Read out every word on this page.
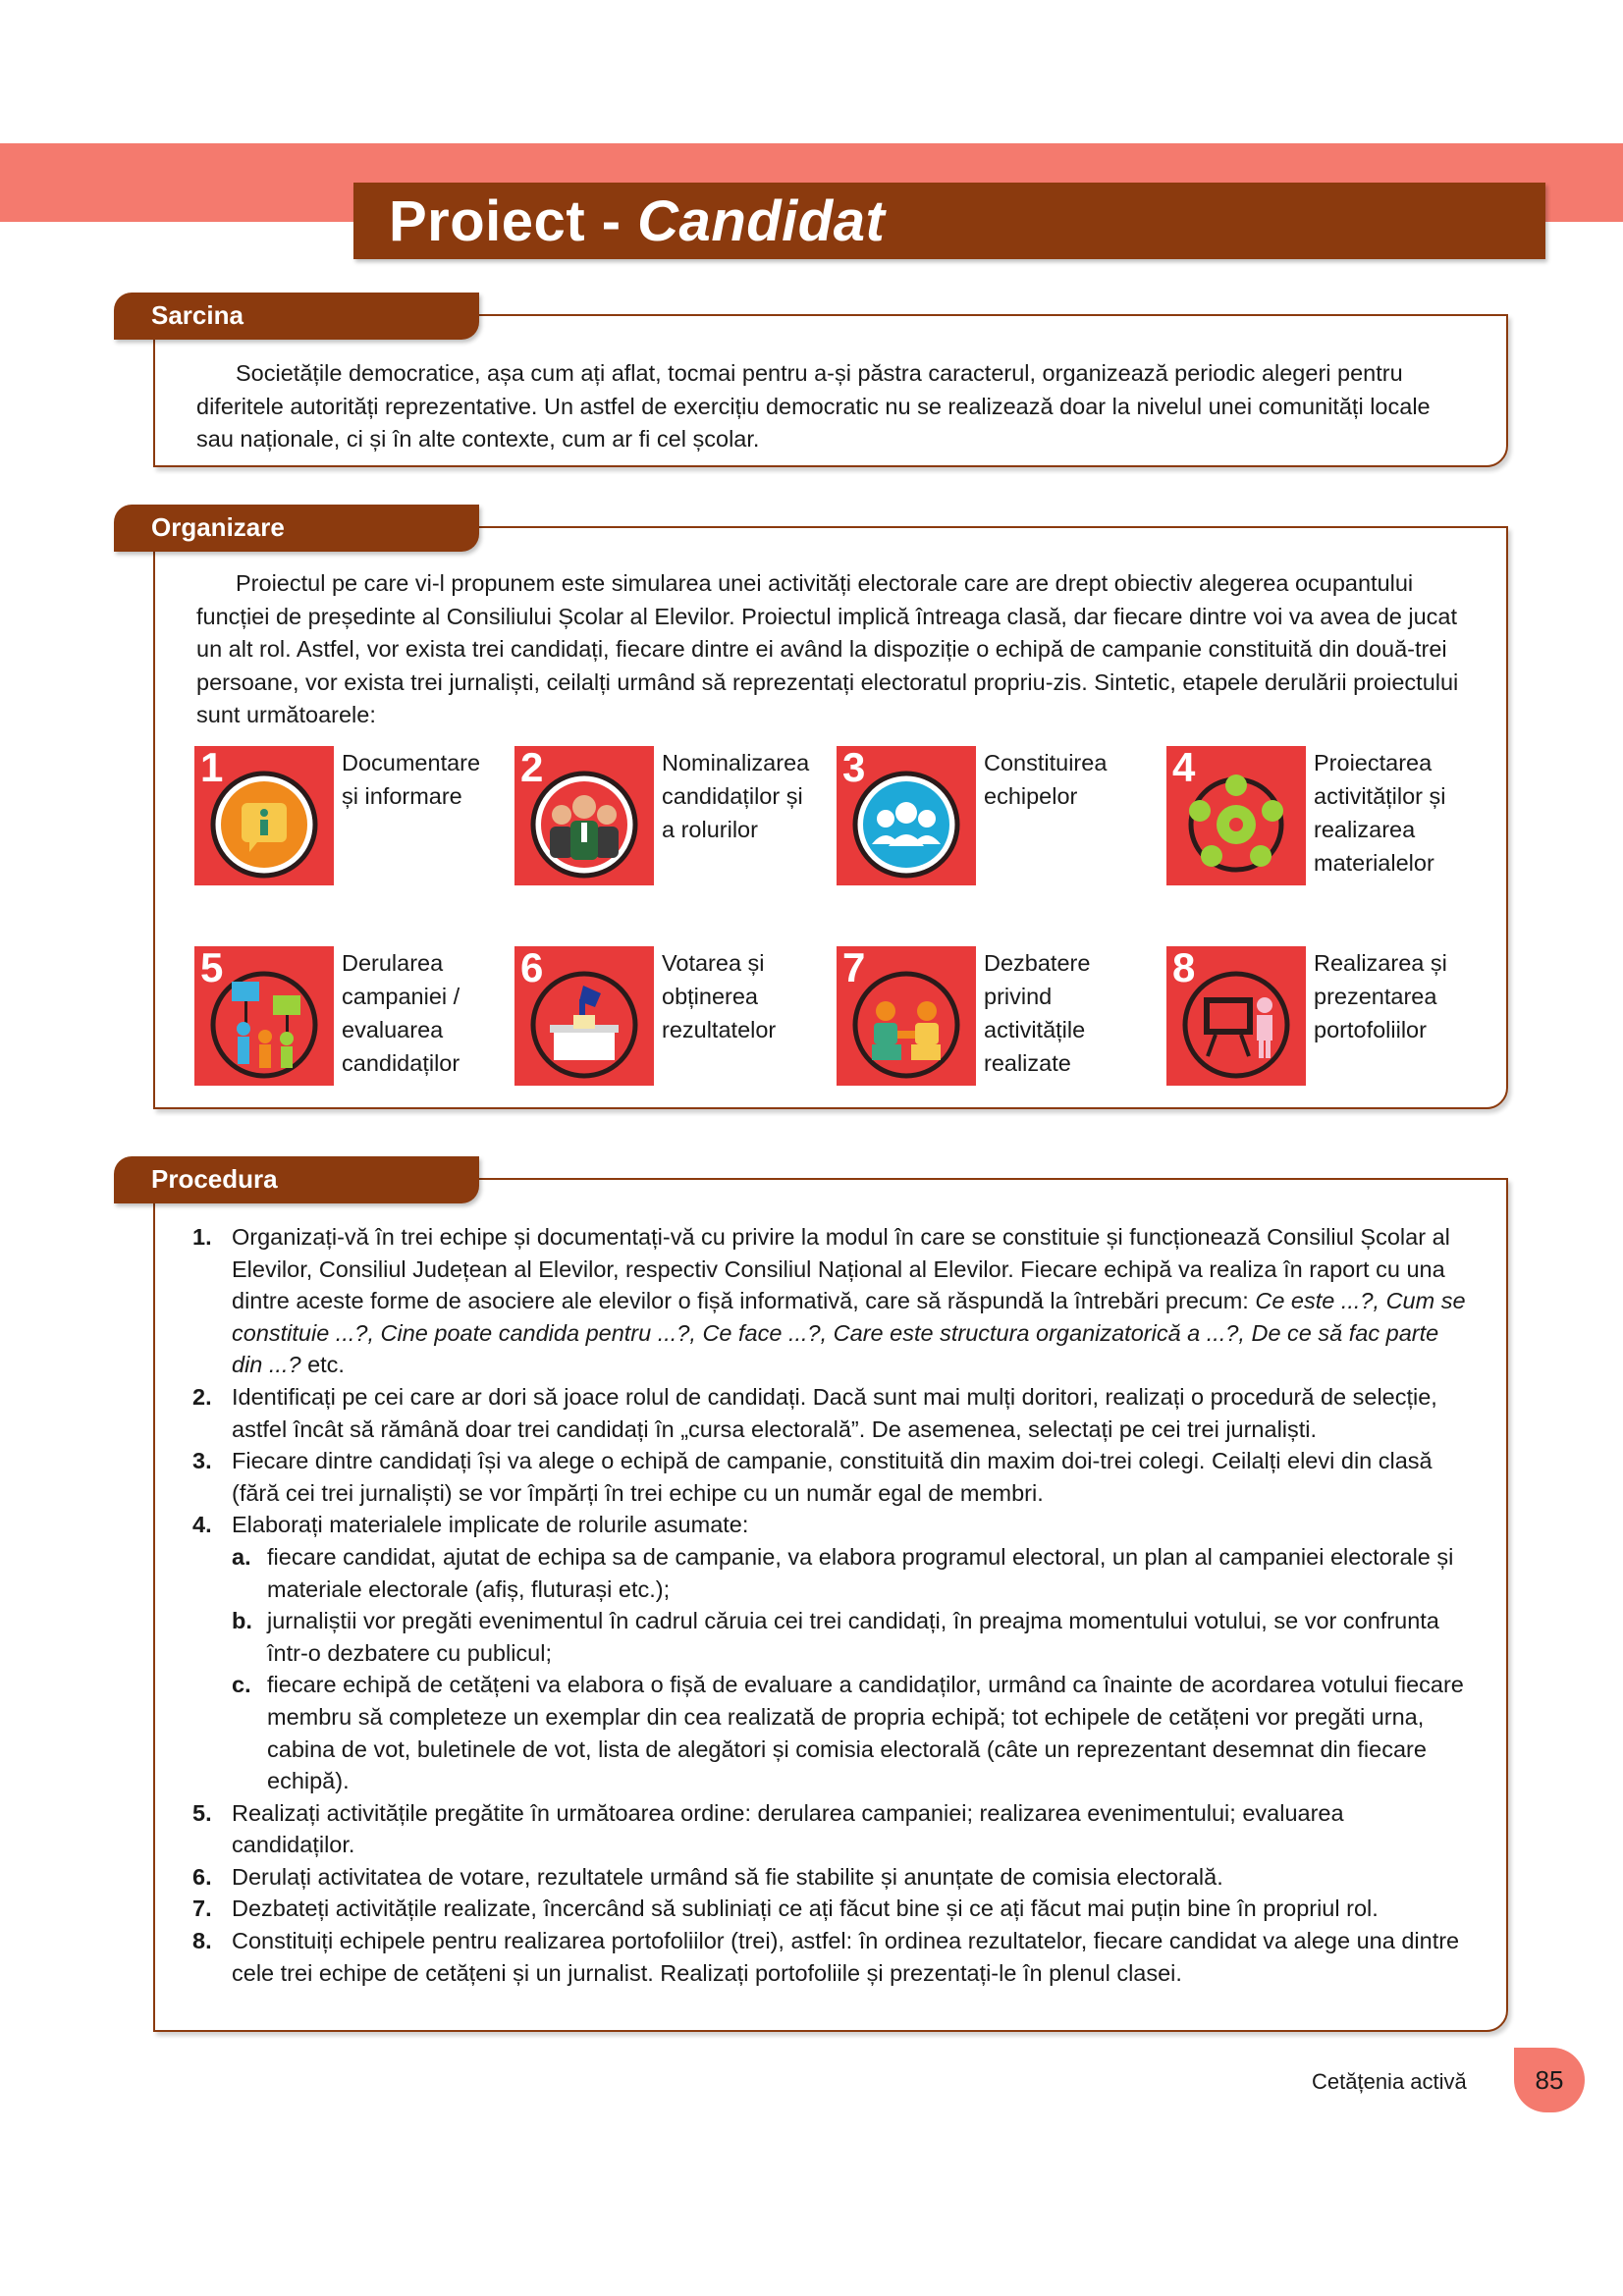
Proiect - Candidat

Societățile democratice, așa cum ați aflat, tocmai pentru a-și păstra caracterul, organizează periodic alegeri pentru diferitele autorități reprezentative. Un astfel de exercițiu democratic nu se realizează doar la nivelul unei comunități locale sau naționale, ci și în alte contexte, cum ar fi cel școlar.

Sarcina

Proiectul pe care vi-l propunem este simularea unei activități electorale care are drept obiectiv alegerea ocupantului funcției de președinte al Consiliului Școlar al Elevilor. Proiectul implică întreaga clasă, dar fiecare dintre voi va avea de jucat un alt rol. Astfel, vor exista trei candidați, fiecare dintre ei având la dispoziție o echipă de campanie constituită din două-trei persoane, vor exista trei jurnaliști, ceilalți urmând să reprezentați electoratul propriu-zis. Sintetic, etapele derulării proiectului sunt următoarele:

1	Documentare și informare
2	Nominalizarea candidaților și a rolurilor
3	Constituirea echipelor
4	Proiectarea activităților și realizarea materialelor
5	Derularea campaniei / evaluarea candidaților
6	Votarea și obținerea rezultatelor
7	Dezbatere privind activitățile realizate
8	Realizarea și prezentarea portofoliilor
Organizare
1. Organizați-vă în trei echipe și documentați-vă cu privire la modul în care se constituie și funcționează Consiliul Școlar al Elevilor, Consiliul Județean al Elevilor, respectiv Consiliul Național al Elevilor. Fiecare echipă va realiza în raport cu una dintre aceste forme de asociere ale elevilor o fișă informativă, care să răspundă la întrebări precum: Ce este ...?, Cum se constituie ...?, Cine poate candida pentru ...?, Ce face ...?, Care este structura organizatorică a ...?, De ce să fac parte din ...? etc.
2. Identificați pe cei care ar dori să joace rolul de candidați. Dacă sunt mai mulți doritori, realizați o procedură de selecție, astfel încât să rămână doar trei candidați în „cursa electorală”. De asemenea, selectați pe cei trei jurnaliști.
3. Fiecare dintre candidați își va alege o echipă de campanie, constituită din maxim doi-trei colegi. Ceilalți elevi din clasă (fără cei trei jurnaliști) se vor împărți în trei echipe cu un număr egal de membri.
4. Elaborați materialele implicate de rolurile asumate:
a. fiecare candidat, ajutat de echipa sa de campanie, va elabora programul electoral, un plan al campaniei electorale și materiale electorale (afiș, fluturași etc.);
b. jurnaliștii vor pregăti evenimentul în cadrul căruia cei trei candidați, în preajma momentului votului, se vor confrunta într-o dezbatere cu publicul;
c. fiecare echipă de cetățeni va elabora o fișă de evaluare a candidaților, urmând ca înainte de acordarea votului fiecare membru să completeze un exemplar din cea realizată de propria echipă; tot echipele de cetățeni vor pregăti urna, cabina de vot, buletinele de vot, lista de alegători și comisia electorală (câte un reprezentant desemnat din fiecare echipă).
5. Realizați activitățile pregătite în următoarea ordine: derularea campaniei; realizarea evenimentului; evaluarea candidaților.
6. Derulați activitatea de votare, rezultatele urmând să fie stabilite și anunțate de comisia electorală.
7. Dezbateți activitățile realizate, încercând să subliniați ce ați făcut bine și ce ați făcut mai puțin bine în propriul rol.
8. Constituiți echipele pentru realizarea portofoliilor (trei), astfel: în ordinea rezultatelor, fiecare candidat va alege una dintre cele trei echipe de cetățeni și un jurnalist. Realizați portofoliile și prezentați-le în plenul clasei.
Procedura
Cetățenia activă	85
